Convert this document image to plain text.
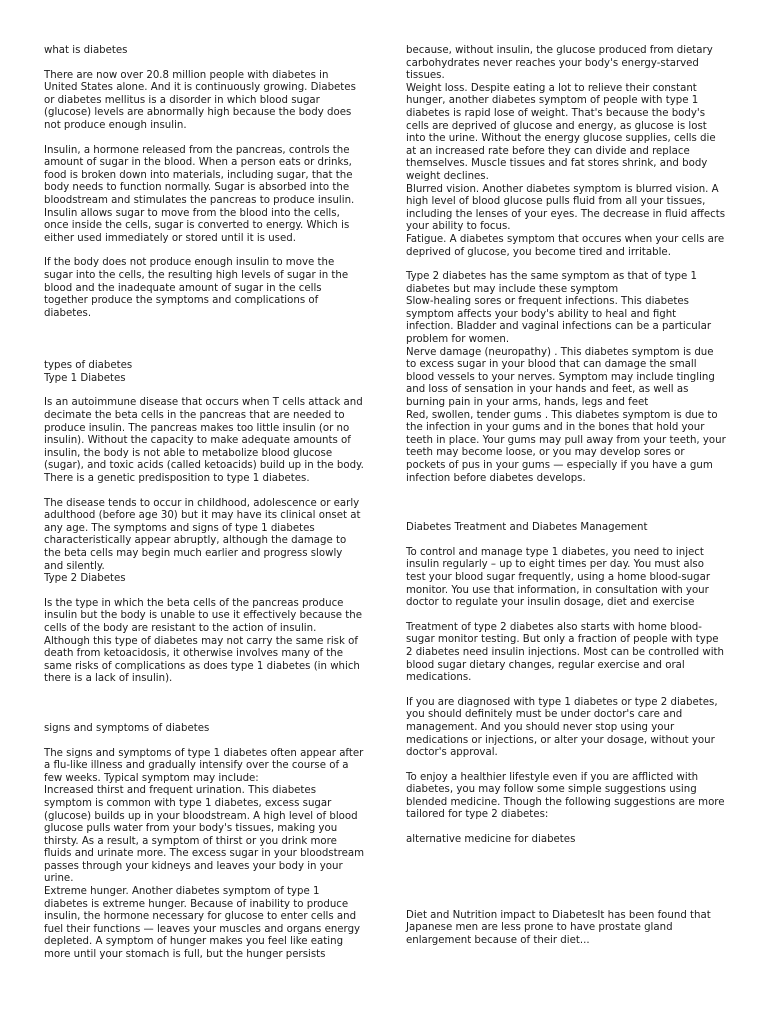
what is diabetes

There are now over 20.8 million people with diabetes in United States alone. And it is continuously growing. Diabetes or diabetes mellitus is a disorder in which blood sugar (glucose) levels are abnormally high because the body does not produce enough insulin.

Insulin, a hormone released from the pancreas, controls the amount of sugar in the blood. When a person eats or drinks, food is broken down into materials, including sugar, that the body needs to function normally. Sugar is absorbed into the bloodstream and stimulates the pancreas to produce insulin. Insulin allows sugar to move from the blood into the cells, once inside the cells, sugar is converted to energy. Which is either used immediately or stored until it is used.

If the body does not produce enough insulin to move the sugar into the cells, the resulting high levels of sugar in the blood and the inadequate amount of sugar in the cells together produce the symptoms and complications of diabetes.

types of diabetes
Type 1 Diabetes

Is an autoimmune disease that occurs when T cells attack and decimate the beta cells in the pancreas that are needed to produce insulin. The pancreas makes too little insulin (or no insulin). Without the capacity to make adequate amounts of insulin, the body is not able to metabolize blood glucose (sugar), and toxic acids (called ketoacids) build up in the body. There is a genetic predisposition to type 1 diabetes.

The disease tends to occur in childhood, adolescence or early adulthood (before age 30) but it may have its clinical onset at any age. The symptoms and signs of type 1 diabetes characteristically appear abruptly, although the damage to the beta cells may begin much earlier and progress slowly and silently.
Type 2 Diabetes

Is the type in which the beta cells of the pancreas produce insulin but the body is unable to use it effectively because the cells of the body are resistant to the action of insulin. Although this type of diabetes may not carry the same risk of death from ketoacidosis, it otherwise involves many of the same risks of complications as does type 1 diabetes (in which there is a lack of insulin).

signs and symptoms of diabetes

The signs and symptoms of type 1 diabetes often appear after a flu-like illness and gradually intensify over the course of a few weeks. Typical symptom may include:
Increased thirst and frequent urination. This diabetes symptom is common with type 1 diabetes, excess sugar (glucose) builds up in your bloodstream. A high level of blood glucose pulls water from your body's tissues, making you thirsty. As a result, a symptom of thirst or you drink more fluids and urinate more. The excess sugar in your bloodstream passes through your kidneys and leaves your body in your urine.
Extreme hunger. Another diabetes symptom of type 1 diabetes is extreme hunger. Because of inability to produce insulin, the hormone necessary for glucose to enter cells and fuel their functions — leaves your muscles and organs energy depleted. A symptom of hunger makes you feel like eating more until your stomach is full, but the hunger persists

because, without insulin, the glucose produced from dietary carbohydrates never reaches your body's energy-starved tissues.
Weight loss. Despite eating a lot to relieve their constant hunger, another diabetes symptom of people with type 1 diabetes is rapid lose of weight. That's because the body's cells are deprived of glucose and energy, as glucose is lost into the urine. Without the energy glucose supplies, cells die at an increased rate before they can divide and replace themselves. Muscle tissues and fat stores shrink, and body weight declines.
Blurred vision. Another diabetes symptom is blurred vision. A high level of blood glucose pulls fluid from all your tissues, including the lenses of your eyes. The decrease in fluid affects your ability to focus.
Fatigue. A diabetes symptom that occures when your cells are deprived of glucose, you become tired and irritable.

Type 2 diabetes has the same symptom as that of type 1 diabetes but may include these symptom
Slow-healing sores or frequent infections. This diabetes symptom affects your body's ability to heal and fight infection. Bladder and vaginal infections can be a particular problem for women.
Nerve damage (neuropathy) . This diabetes symptom is due to excess sugar in your blood that can damage the small blood vessels to your nerves. Symptom may include tingling and loss of sensation in your hands and feet, as well as burning pain in your arms, hands, legs and feet
Red, swollen, tender gums . This diabetes symptom is due to the infection in your gums and in the bones that hold your teeth in place. Your gums may pull away from your teeth, your teeth may become loose, or you may develop sores or pockets of pus in your gums — especially if you have a gum infection before diabetes develops.

Diabetes Treatment and Diabetes Management

To control and manage type 1 diabetes, you need to inject insulin regularly – up to eight times per day. You must also test your blood sugar frequently, using a home blood-sugar monitor. You use that information, in consultation with your doctor to regulate your insulin dosage, diet and exercise

Treatment of type 2 diabetes also starts with home blood-sugar monitor testing. But only a fraction of people with type 2 diabetes need insulin injections. Most can be controlled with blood sugar dietary changes, regular exercise and oral medications.

If you are diagnosed with type 1 diabetes or type 2 diabetes, you should definitely must be under doctor's care and management. And you should never stop using your medications or injections, or alter your dosage, without your doctor's approval.

To enjoy a healthier lifestyle even if you are afflicted with diabetes, you may follow some simple suggestions using blended medicine. Though the following suggestions are more tailored for type 2 diabetes:

alternative medicine for diabetes

Diet and Nutrition impact to DiabetesIt has been found that Japanese men are less prone to have prostate gland enlargement because of their diet...
